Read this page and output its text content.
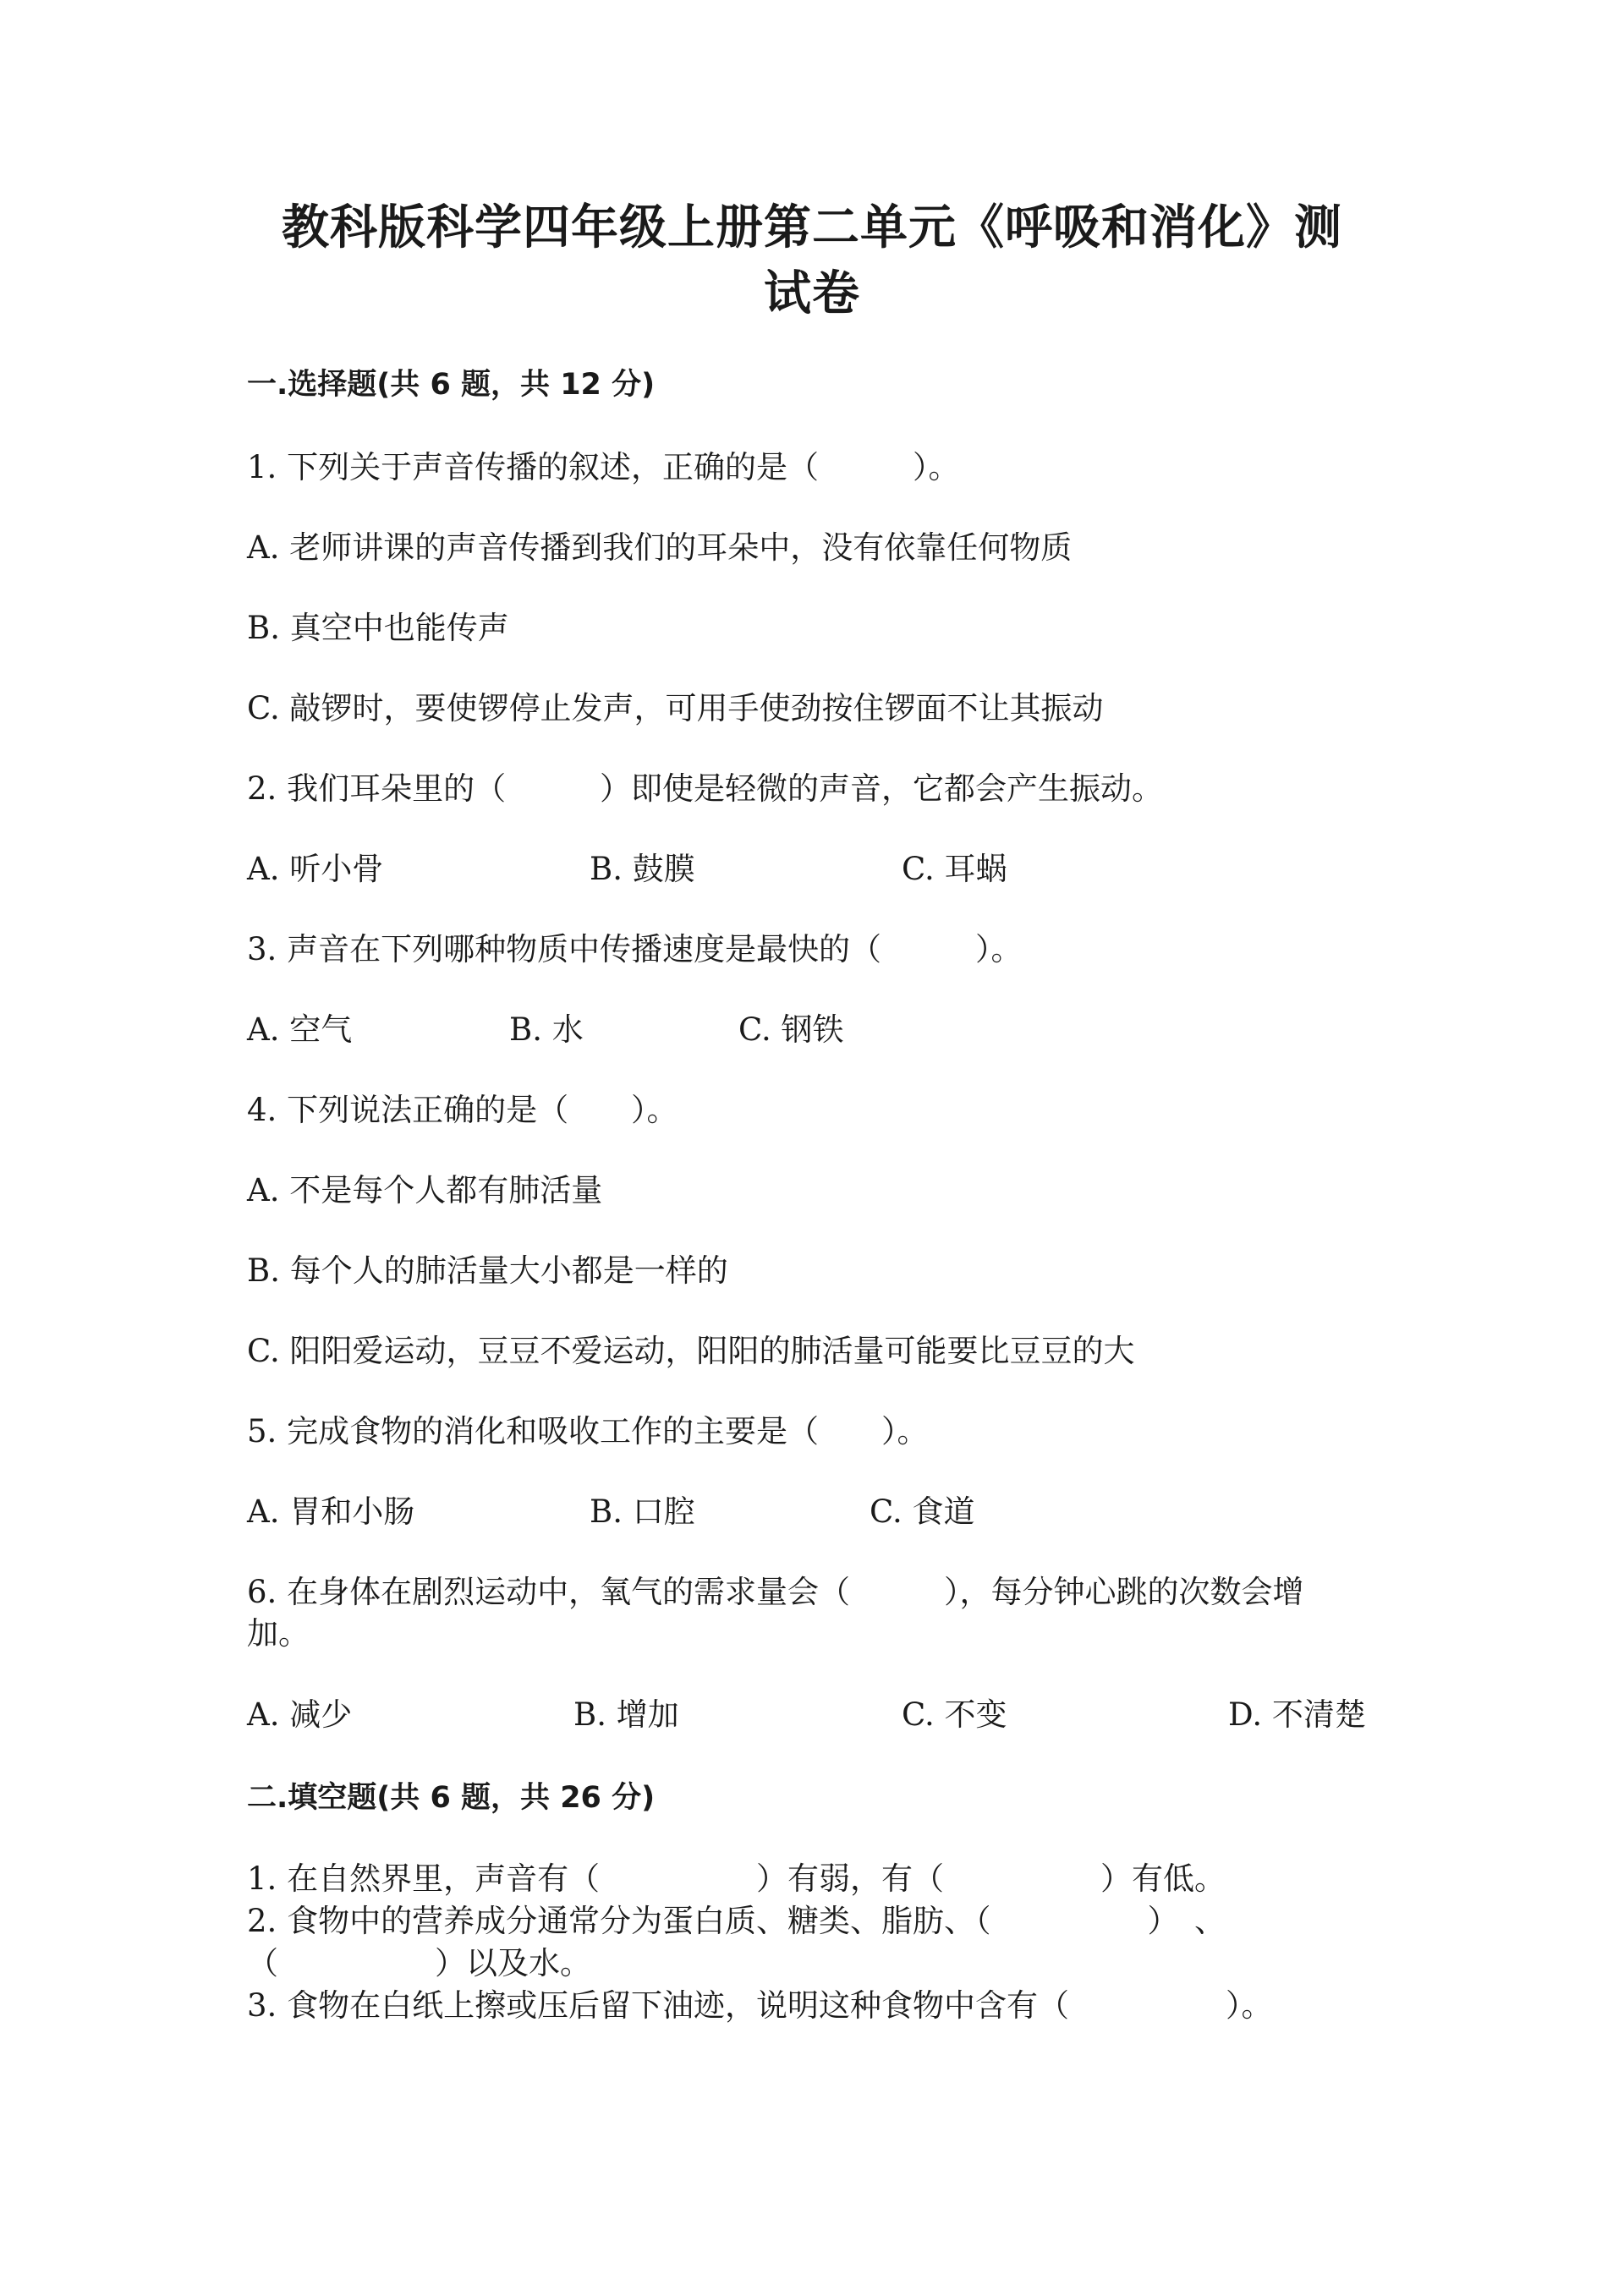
教科版科学四年级上册第二单元《呼吸和消化》测
试卷
一.选择题(共 6 题，共 12 分)
1. 下列关于声音传播的叙述，正确的是（　　　）。
A. 老师讲课的声音传播到我们的耳朵中，没有依靠任何物质
B. 真空中也能传声
C. 敲锣时，要使锣停止发声，可用手使劲按住锣面不让其振动
2. 我们耳朵里的（　　　）即使是轻微的声音，它都会产生振动。
A. 听小骨	B. 鼓膜	C. 耳蜗
3. 声音在下列哪种物质中传播速度是最快的（　　　）。
A. 空气	B. 水	C. 钢铁
4. 下列说法正确的是（　　）。
A. 不是每个人都有肺活量
B. 每个人的肺活量大小都是一样的
C. 阳阳爱运动，豆豆不爱运动，阳阳的肺活量可能要比豆豆的大
5. 完成食物的消化和吸收工作的主要是（　　）。
A. 胃和小肠	B. 口腔	C. 食道
6. 在身体在剧烈运动中，氧气的需求量会（　　　），每分钟心跳的次数会增
加。
A. 减少	B. 增加	C. 不变	D. 不清楚
二.填空题(共 6 题，共 26 分)
1. 在自然界里，声音有（　　　　　）有弱，有（　　　　　）有低。
2. 食物中的营养成分通常分为蛋白质、糖类、脂肪、（　　　　　）　、
（　　　　　）以及水。
3. 食物在白纸上擦或压后留下油迹，说明这种食物中含有（　　　　　）。
